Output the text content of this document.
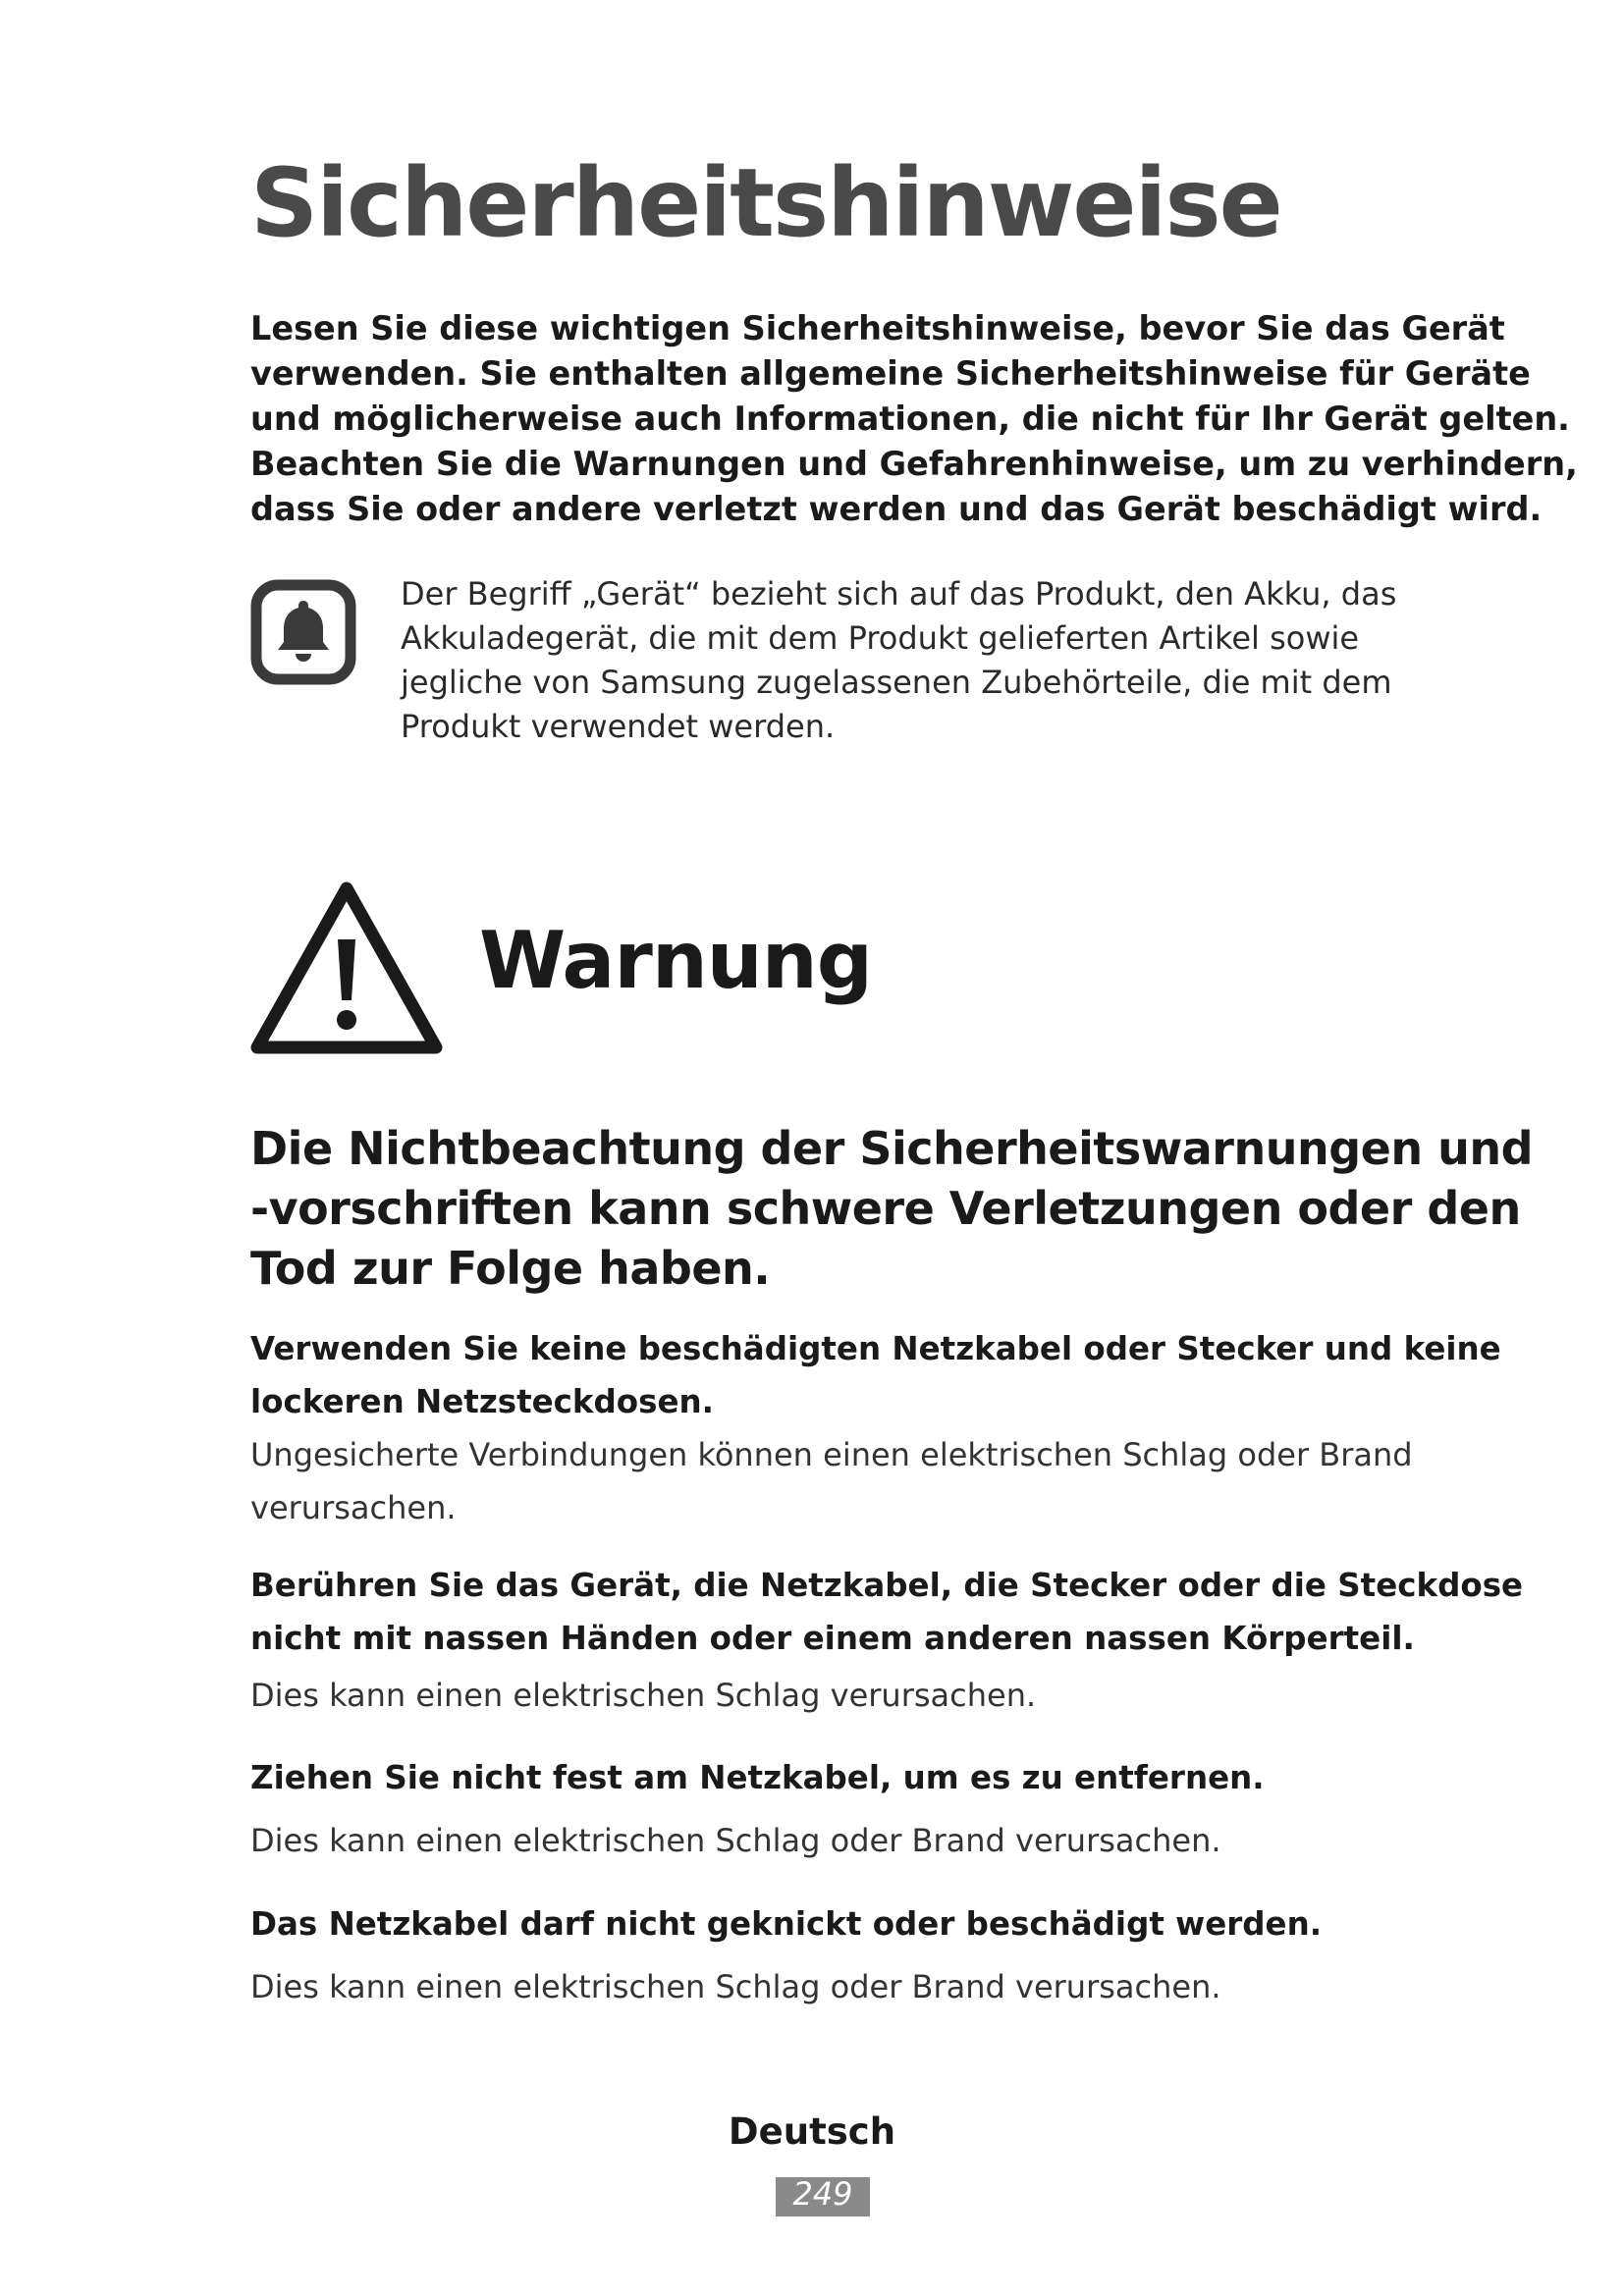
Sicherheitshinweise
Lesen Sie diese wichtigen Sicherheitshinweise, bevor Sie das Gerät
verwenden. Sie enthalten allgemeine Sicherheitshinweise für Geräte
und möglicherweise auch Informationen, die nicht für Ihr Gerät gelten.
Beachten Sie die Warnungen und Gefahrenhinweise, um zu verhindern,
dass Sie oder andere verletzt werden und das Gerät beschädigt wird.
Der Begriff „Gerät“ bezieht sich auf das Produkt, den Akku, das
Akkuladegerät, die mit dem Produkt gelieferten Artikel sowie
jegliche von Samsung zugelassenen Zubehörteile, die mit dem
Produkt verwendet werden.
Warnung
Die Nichtbeachtung der Sicherheitswarnungen und
-vorschriften kann schwere Verletzungen oder den
Tod zur Folge haben.
Verwenden Sie keine beschädigten Netzkabel oder Stecker und keine
lockeren Netzsteckdosen.
Ungesicherte Verbindungen können einen elektrischen Schlag oder Brand
verursachen.
Berühren Sie das Gerät, die Netzkabel, die Stecker oder die Steckdose
nicht mit nassen Händen oder einem anderen nassen Körperteil.
Dies kann einen elektrischen Schlag verursachen.
Ziehen Sie nicht fest am Netzkabel, um es zu entfernen.
Dies kann einen elektrischen Schlag oder Brand verursachen.
Das Netzkabel darf nicht geknickt oder beschädigt werden.
Dies kann einen elektrischen Schlag oder Brand verursachen.
Deutsch
249
